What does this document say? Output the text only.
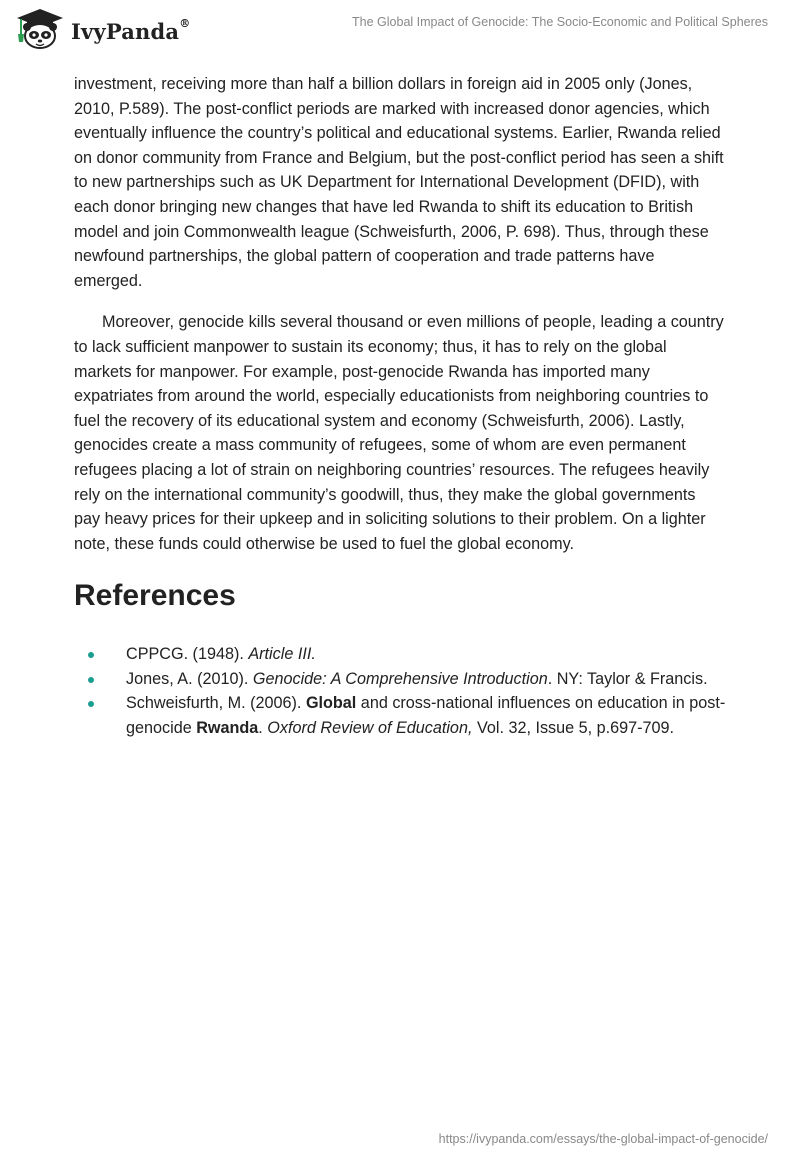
IvyPanda®	The Global Impact of Genocide: The Socio-Economic and Political Spheres

investment, receiving more than half a billion dollars in foreign aid in 2005 only (Jones, 2010, P.589). The post-conflict periods are marked with increased donor agencies, which eventually influence the country’s political and educational systems. Earlier, Rwanda relied on donor community from France and Belgium, but the post-conflict period has seen a shift to new partnerships such as UK Department for International Development (DFID), with each donor bringing new changes that have led Rwanda to shift its education to British model and join Commonwealth league (Schweisfurth, 2006, P. 698). Thus, through these newfound partnerships, the global pattern of cooperation and trade patterns have emerged.

Moreover, genocide kills several thousand or even millions of people, leading a country to lack sufficient manpower to sustain its economy; thus, it has to rely on the global markets for manpower. For example, post-genocide Rwanda has imported many expatriates from around the world, especially educationists from neighboring countries to fuel the recovery of its educational system and economy (Schweisfurth, 2006). Lastly, genocides create a mass community of refugees, some of whom are even permanent refugees placing a lot of strain on neighboring countries’ resources. The refugees heavily rely on the international community’s goodwill, thus, they make the global governments pay heavy prices for their upkeep and in soliciting solutions to their problem. On a lighter note, these funds could otherwise be used to fuel the global economy.

References
CPPCG. (1948). Article III.
Jones, A. (2010). Genocide: A Comprehensive Introduction. NY: Taylor & Francis.
Schweisfurth, M. (2006). Global and cross-national influences on education in post-genocide Rwanda. Oxford Review of Education, Vol. 32, Issue 5, p.697-709.
https://ivypanda.com/essays/the-global-impact-of-genocide/
